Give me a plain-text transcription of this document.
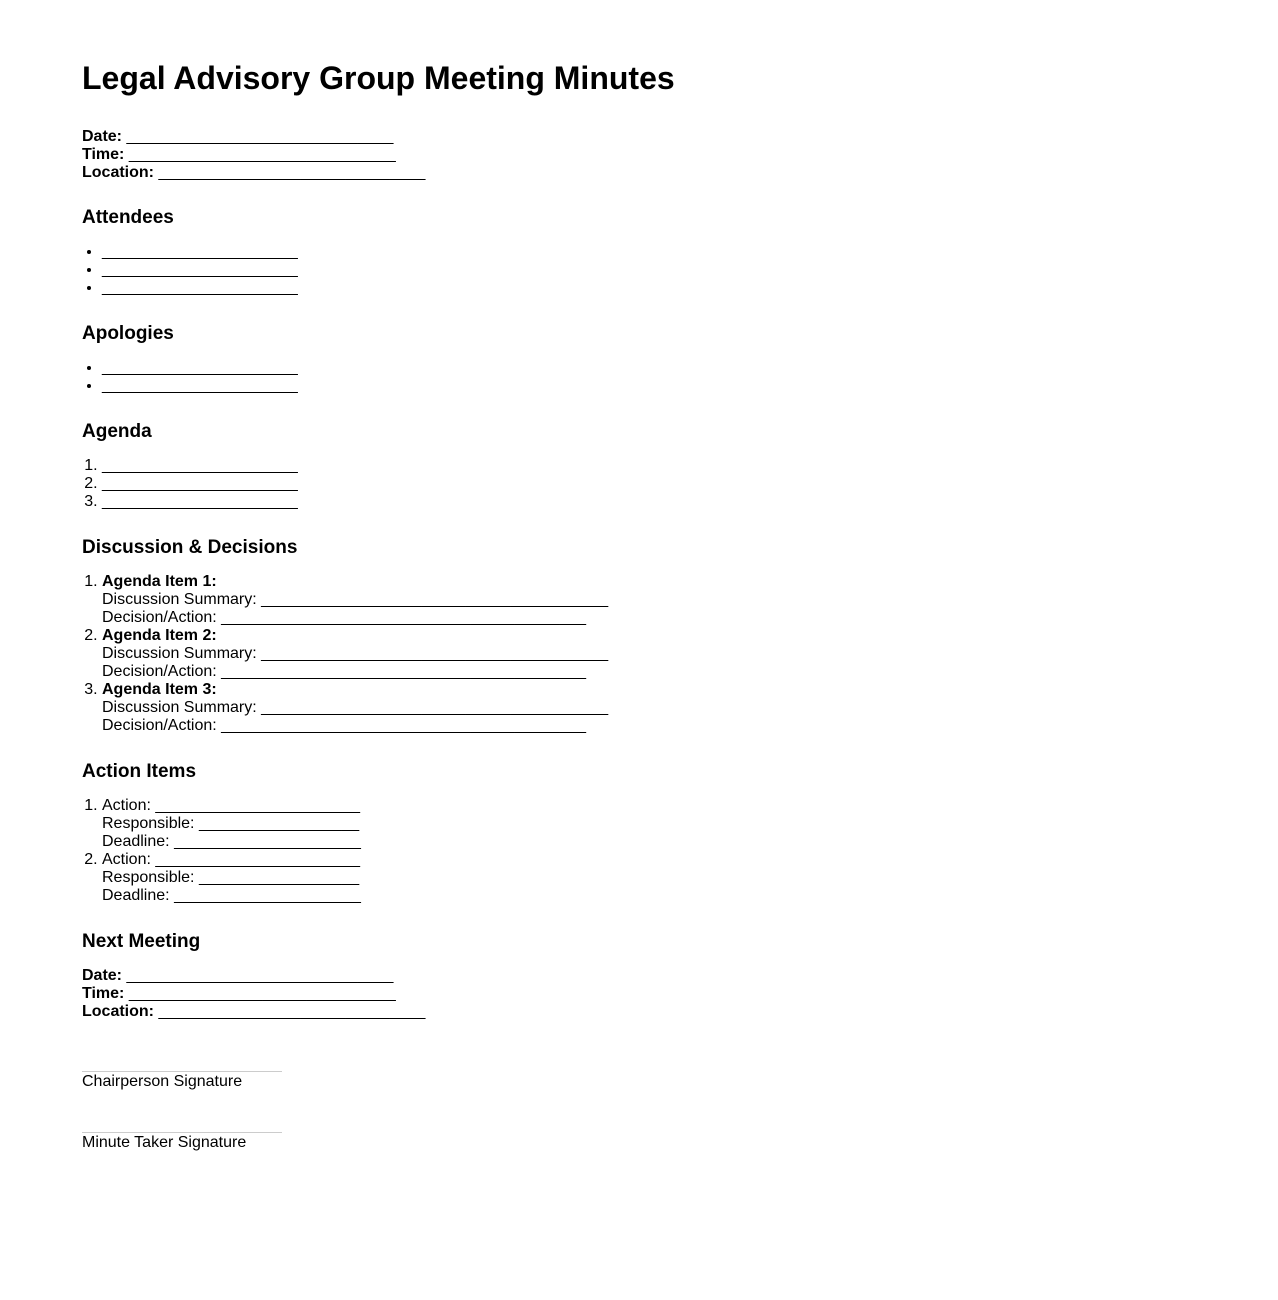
Legal Advisory Group Meeting Minutes
Date: ______________________________
Time: ______________________________
Location: ______________________________
Attendees
• ______________________
• ______________________
• ______________________
Apologies
• ______________________
• ______________________
Agenda
1. ______________________
2. ______________________
3. ______________________
Discussion & Decisions
1. Agenda Item 1:
Discussion Summary: _______________________________________
Decision/Action: _________________________________________
2. Agenda Item 2:
Discussion Summary: _______________________________________
Decision/Action: _________________________________________
3. Agenda Item 3:
Discussion Summary: _______________________________________
Decision/Action: _________________________________________
Action Items
1. Action: _______________________
Responsible: __________________
Deadline: _____________________
2. Action: _______________________
Responsible: __________________
Deadline: _____________________
Next Meeting
Date: ______________________________
Time: ______________________________
Location: ______________________________
Chairperson Signature
Minute Taker Signature
